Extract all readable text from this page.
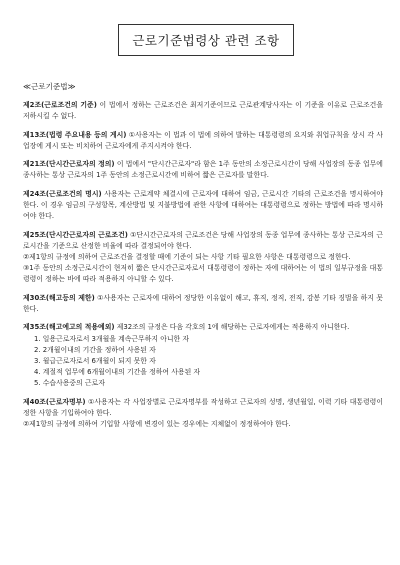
근로기준법령상 관련 조항
≪근로기준법≫
제2조(근로조건의 기준) 이 법에서 정하는 근로조건은 최저기준이므로 근로관계당사자는 이 기준을 이유로 근로조건을 저하시킬 수 없다.
제13조(법령 주요내용 등의 게시) ①사용자는 이 법과 이 법에 의하여 발하는 대통령령의 요지와 취업규칙을 상시 각 사업장에 게시 또는 비치하여 근로자에게 주지시켜야 한다.
제21조(단시간근로자의 정의) 이 법에서 "단시간근로자"라 함은 1주 동안의 소정근로시간이 당해 사업장의 동종 업무에 종사하는 통상 근로자의 1주 동안의 소정근로시간에 비하여 짧은 근로자를 말한다.
제24조(근로조건의 명시) 사용자는 근로계약 체결시에 근로자에 대하여 임금, 근로시간 기타의 근로조건을 명시하여야 한다. 이 경우 임금의 구성항목, 계산방법 및 지불방법에 관한 사항에 대하여는 대통령령으로 정하는 방법에 따라 명시하여야 한다.
제25조(단시간근로자의 근로조건) ①단시간근로자의 근로조건은 당해 사업장의 동종 업무에 종사하는 통상 근로자의 근로시간을 기준으로 산정한 비율에 따라 결정되어야 한다.
②제1항의 규정에 의하여 근로조건을 결정할 때에 기준이 되는 사항 기타 필요한 사항은 대통령령으로 정한다.
③1주 동안의 소정근로시간이 현저히 짧은 단시간근로자로서 대통령령이 정하는 자에 대하여는 이 법의 일부규정을 대통령령이 정하는 바에 따라 적용하지 아니할 수 있다.
제30조(해고등의 제한) ①사용자는 근로자에 대하여 정당한 이유없이 해고, 휴직, 정직, 전직, 감봉 기타 징벌을 하지 못한다.
제35조(해고예고의 적용예외) 제32조의 규정은 다음 각호의 1에 해당하는 근로자에게는 적용하지 아니한다.
1. 일용근로자로서 3개월을 계속근무하지 아니한 자
2. 2개월이내의 기간을 정하여 사용된 자
3. 월급근로자로서 6개월이 되지 못한 자
4. 계절적 업무에 6개월이내의 기간을 정하여 사용된 자
5. 수습사용중의 근로자
제40조(근로자명부) ①사용자는 각 사업장별로 근로자명부를 작성하고 근로자의 성명, 생년월일, 이력 기타 대통령령이 정한 사항을 기입하여야 한다.
②제1항의 규정에 의하여 기입할 사항에 변경이 있는 경우에는 지체없이 정정하여야 한다.
